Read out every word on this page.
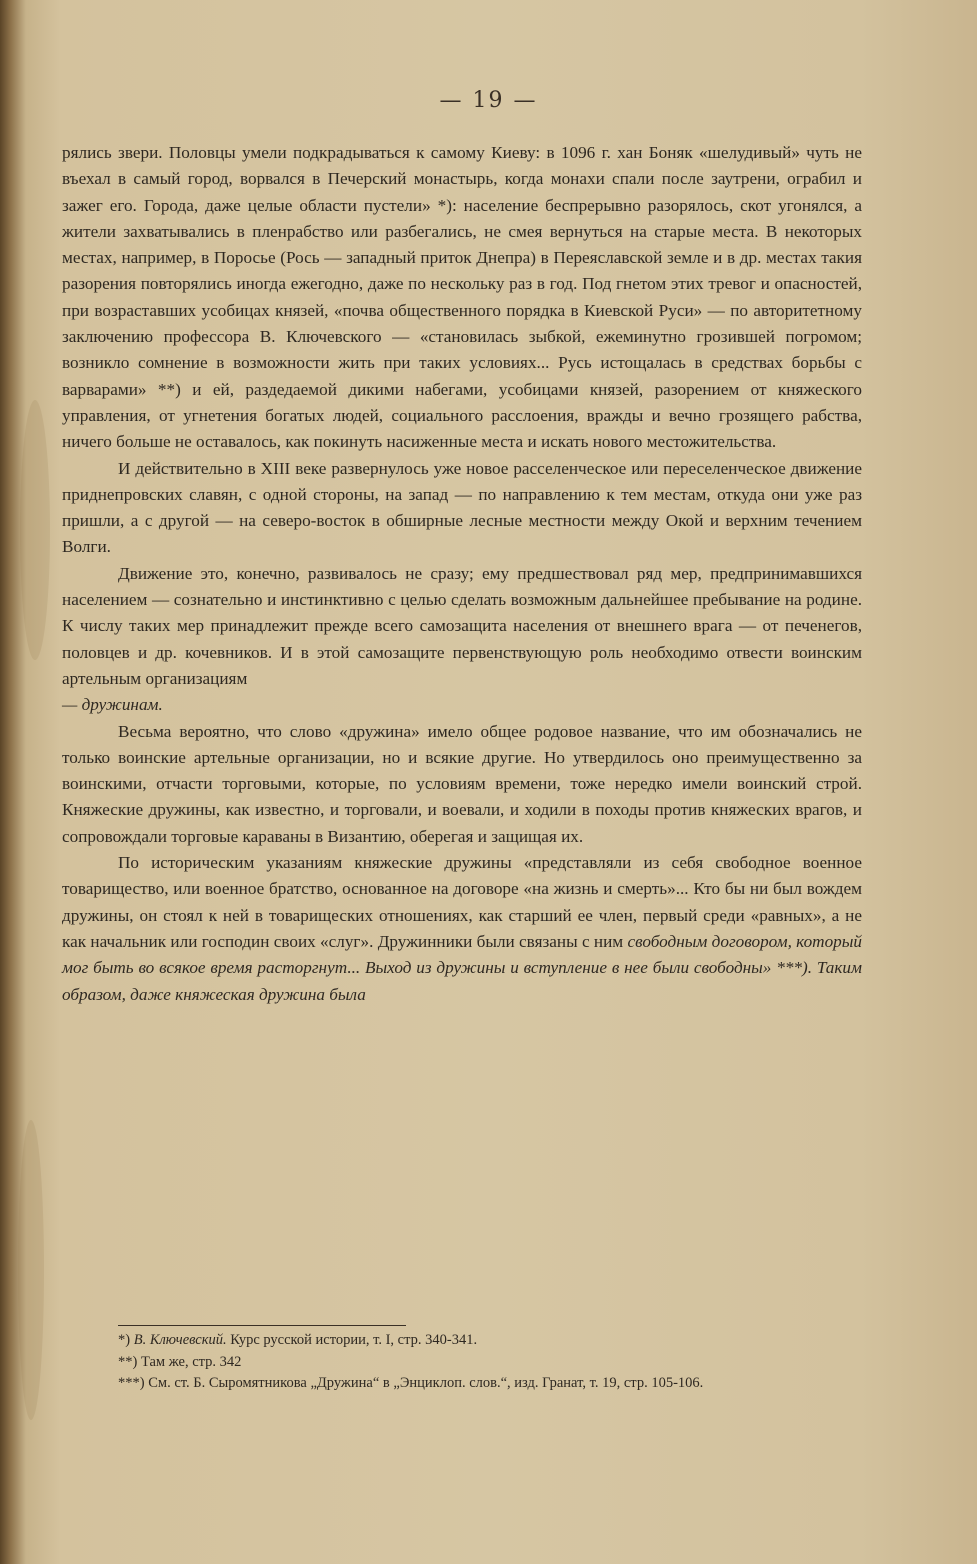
— 19 —

рялись звери. Половцы умели подкрадываться к самому Киеву: в 1096 г. хан Боняк «шелудивый» чуть не въехал в самый город, ворвался в Печерский монастырь, когда монахи спали после заутрени, ограбил и зажег его. Города, даже целые области пустели» *): население беспрерывно разорялось, скот угонялся, а жители захватывались в пленрабство или разбегались, не смея вернуться на старые места. В некоторых местах, например, в Поросье (Рось — западный приток Днепра) в Переяславской земле и в др. местах такия разорения повторялись иногда ежегодно, даже по нескольку раз в год. Под гнетом этих тревог и опасностей, при возраставших усобицах князей, «почва общественного порядка в Киевской Руси» — по авторитетному заключению профессора В. Ключевского — «становилась зыбкой, ежеминутно грозившей погромом; возникло сомнение в возможности жить при таких условиях... Русь истощалась в средствах борьбы с варварами» **) и ей, раздедаемой дикими набегами, усобицами князей, разорением от княжеского управления, от угнетения богатых людей, социального расслоения, вражды и вечно грозящего рабства, ничего больше не оставалось, как покинуть насиженные места и искать нового местожительства.

И действительно в XIII веке развернулось уже новое расселенческое или переселенческое движение приднепровских славян, с одной стороны, на запад — по направлению к тем местам, откуда они уже раз пришли, а с другой — на северо-восток в обширные лесные местности между Окой и верхним течением Волги.

Движение это, конечно, развивалось не сразу; ему предшествовал ряд мер, предпринимавшихся населением — сознательно и инстинктивно с целью сделать возможным дальнейшее пребывание на родине. К числу таких мер принадлежит прежде всего самозащита населения от внешнего врага — от печенегов, половцев и др. кочевников. И в этой самозащите первенствующую роль необходимо отвести воинским артельным организациям
— дружинам.

Весьма вероятно, что слово «дружина» имело общее родовое название, что им обозначались не только воинские артельные организации, но и всякие другие. Но утвердилось оно преимущественно за воинскими, отчасти торговыми, которые, по условиям времени, тоже нередко имели воинский строй. Княжеские дружины, как известно, и торговали, и воевали, и ходили в походы против княжеских врагов, и сопровождали торговые караваны в Византию, оберегая и защищая их.

По историческим указаниям княжеские дружины «представляли из себя свободное военное товарищество, или военное братство, основанное на договоре «на жизнь и смерть»... Кто бы ни был вождем дружины, он стоял к ней в товарищеских отношениях, как старший ее член, первый среди «равных», а не как начальник или господин своих «слуг». Дружинники были связаны с ним свободным договором, который мог быть во всякое время расторгнут... Выход из дружины и вступление в нее были свободны» ***). Таким образом, даже княжеская дружина была

*) В. Ключевский. Курс русской истории, т. I, стр. 340-341.
**) Там же, стр. 342
***) См. ст. Б. Сыромятникова „Дружина“ в „Энциклоп. слов.“, изд. Гранат, т. 19, стр. 105-106.
